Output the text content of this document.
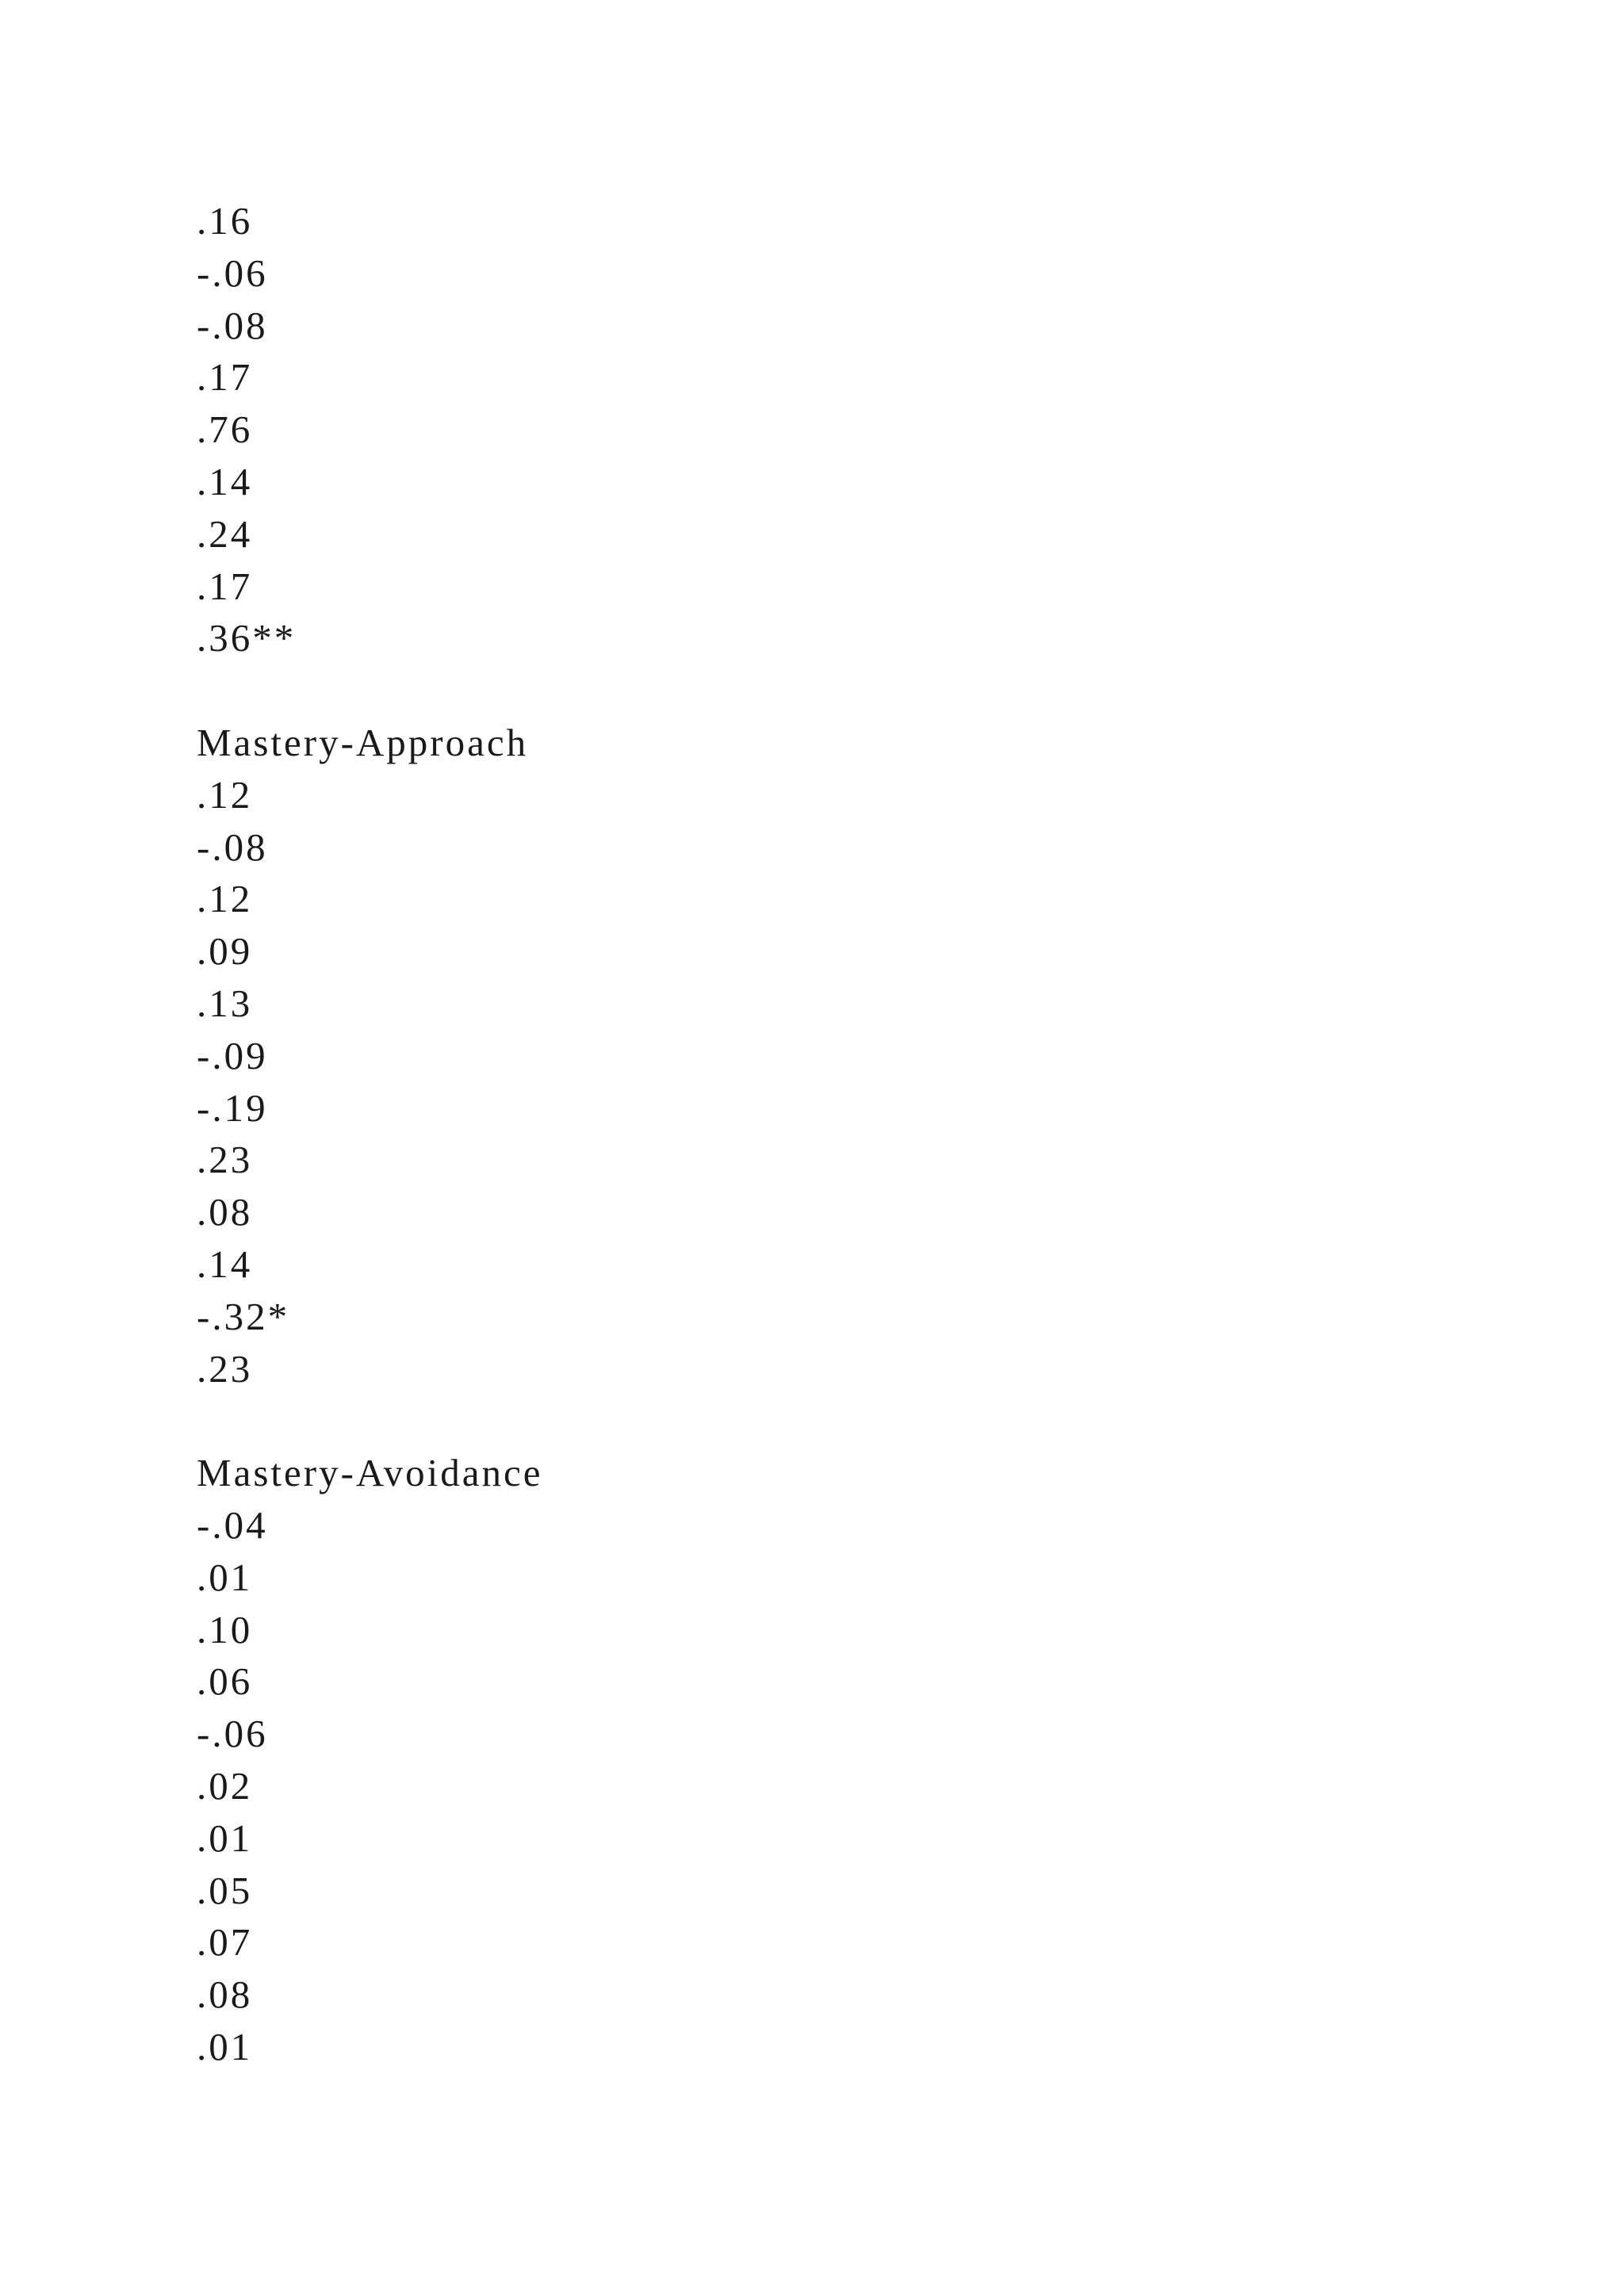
.16
-.06
-.08
.17
.76
.14
.24
.17
.36**
Mastery-Approach
.12
-.08
.12
.09
.13
-.09
-.19
.23
.08
.14
-.32*
.23
Mastery-Avoidance
-.04
.01
.10
.06
-.06
.02
.01
.05
.07
.08
.01
